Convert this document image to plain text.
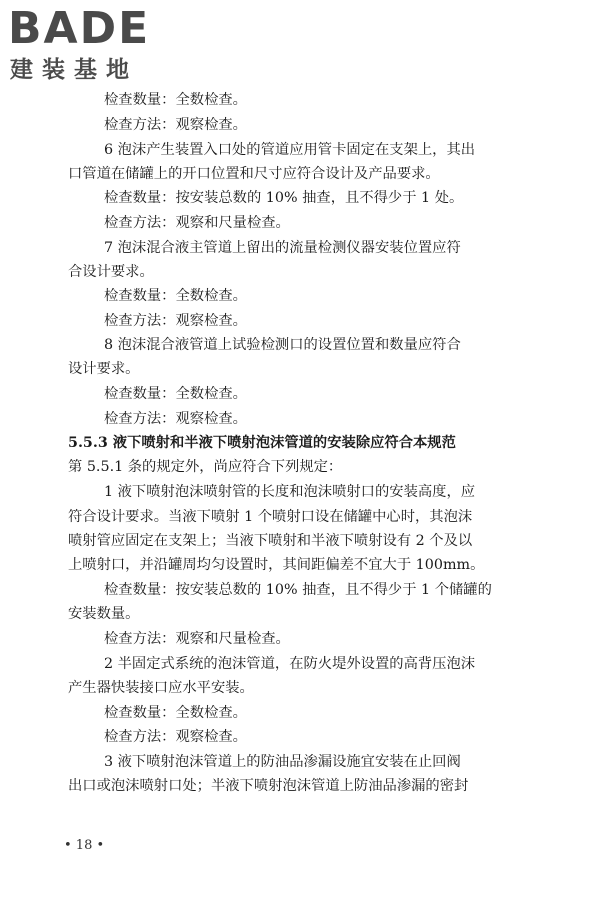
BADE
建装基地
检查数量：全数检查。
检查方法：观察检查。
6 泡沫产生装置入口处的管道应用管卡固定在支架上，其出
口管道在储罐上的开口位置和尺寸应符合设计及产品要求。
检查数量：按安装总数的 10% 抽查，且不得少于 1 处。
检查方法：观察和尺量检查。
7 泡沫混合液主管道上留出的流量检测仪器安装位置应符
合设计要求。
检查数量：全数检查。
检查方法：观察检查。
8 泡沫混合液管道上试验检测口的设置位置和数量应符合
设计要求。
检查数量：全数检查。
检查方法：观察检查。
5.5.3 液下喷射和半液下喷射泡沫管道的安装除应符合本规范
第 5.5.1 条的规定外，尚应符合下列规定：
1 液下喷射泡沫喷射管的长度和泡沫喷射口的安装高度，应
符合设计要求。当液下喷射 1 个喷射口设在储罐中心时，其泡沫
喷射管应固定在支架上；当液下喷射和半液下喷射设有 2 个及以
上喷射口，并沿罐周均匀设置时，其间距偏差不宜大于 100mm。
检查数量：按安装总数的 10% 抽查，且不得少于 1 个储罐的
安装数量。
检查方法：观察和尺量检查。
2 半固定式系统的泡沫管道，在防火堤外设置的高背压泡沫
产生器快装接口应水平安装。
检查数量：全数检查。
检查方法：观察检查。
3 液下喷射泡沫管道上的防油品渗漏设施宜安装在止回阀
出口或泡沫喷射口处；半液下喷射泡沫管道上防油品渗漏的密封
• 18 •
